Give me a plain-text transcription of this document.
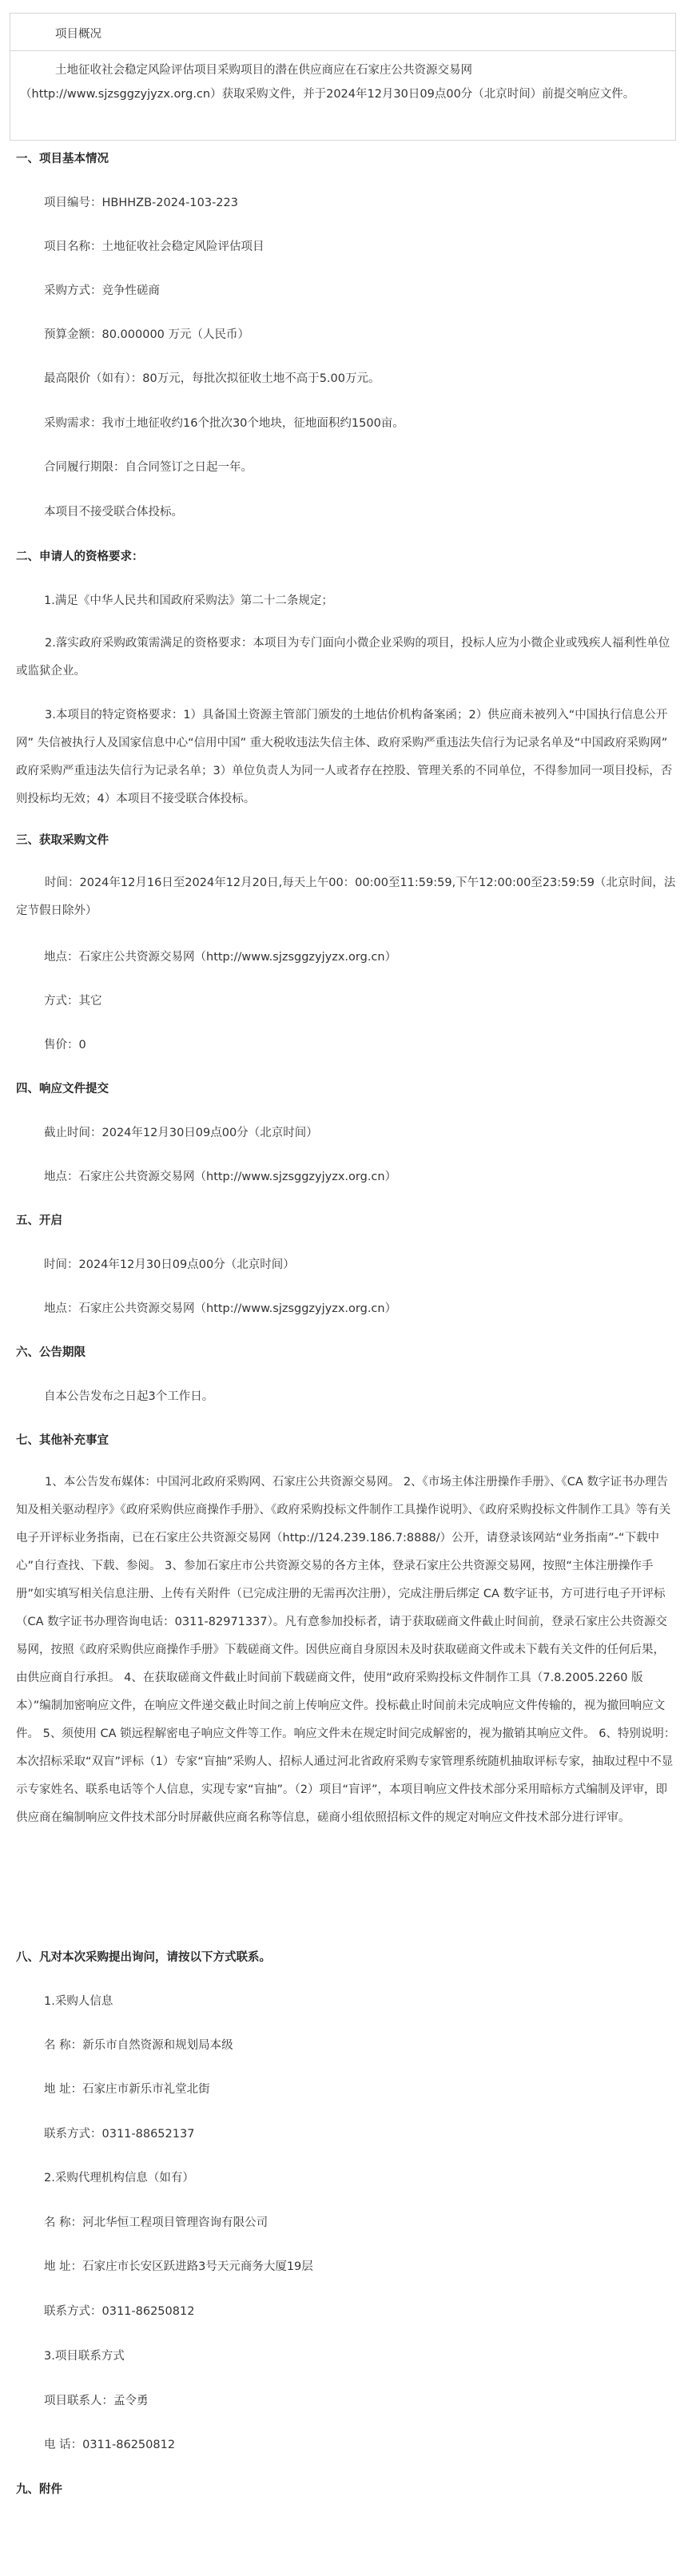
项目概况
土地征收社会稳定风险评估项目采购项目的潜在供应商应在石家庄公共资源交易网（http://www.sjzsggzyjyzx.org.cn）获取采购文件，并于2024年12月30日09点00分（北京时间）前提交响应文件。
一、项目基本情况
项目编号：HBHHZB-2024-103-223
项目名称：土地征收社会稳定风险评估项目
采购方式：竞争性磋商
预算金额：80.000000 万元（人民币）
最高限价（如有）：80万元，每批次拟征收土地不高于5.00万元。
采购需求：我市土地征收约16个批次30个地块，征地面积约1500亩。
合同履行期限：自合同签订之日起一年。
本项目不接受联合体投标。
二、申请人的资格要求：
1.满足《中华人民共和国政府采购法》第二十二条规定；
2.落实政府采购政策需满足的资格要求：本项目为专门面向小微企业采购的项目，投标人应为小微企业或残疾人福利性单位或监狱企业。
3.本项目的特定资格要求：1）具备国土资源主管部门颁发的土地估价机构备案函；2）供应商未被列入“中国执行信息公开网” 失信被执行人及国家信息中心“信用中国” 重大税收违法失信主体、政府采购严重违法失信行为记录名单及“中国政府采购网” 政府采购严重违法失信行为记录名单；3）单位负责人为同一人或者存在控股、管理关系的不同单位，不得参加同一项目投标，否则投标均无效；4）本项目不接受联合体投标。
三、获取采购文件
时间：2024年12月16日至2024年12月20日,每天上午00：00:00至11:59:59,下午12:00:00至23:59:59（北京时间，法定节假日除外）
地点：石家庄公共资源交易网（http://www.sjzsggzyjyzx.org.cn）
方式：其它
售价：0
四、响应文件提交
截止时间：2024年12月30日09点00分（北京时间）
地点：石家庄公共资源交易网（http://www.sjzsggzyjyzx.org.cn）
五、开启
时间：2024年12月30日09点00分（北京时间）
地点：石家庄公共资源交易网（http://www.sjzsggzyjyzx.org.cn）
六、公告期限
自本公告发布之日起3个工作日。
七、其他补充事宜
1、本公告发布媒体：中国河北政府采购网、石家庄公共资源交易网。 2、《市场主体注册操作手册》、《CA 数字证书办理告知及相关驱动程序》《政府采购供应商操作手册》、《政府采购投标文件制作工具操作说明》、《政府采购投标文件制作工具》等有关电子开评标业务指南，已在石家庄公共资源交易网（http://124.239.186.7:8888/）公开，请登录该网站“业务指南”-“下载中心”自行查找、下载、参阅。 3、参加石家庄市公共资源交易的各方主体，登录石家庄公共资源交易网，按照“主体注册操作手册”如实填写相关信息注册、上传有关附件（已完成注册的无需再次注册），完成注册后绑定 CA 数字证书，方可进行电子开评标（CA 数字证书办理咨询电话：0311-82971337）。凡有意参加投标者，请于获取磋商文件截止时间前，登录石家庄公共资源交易网，按照《政府采购供应商操作手册》下载磋商文件。因供应商自身原因未及时获取磋商文件或未下载有关文件的任何后果，由供应商自行承担。 4、在获取磋商文件截止时间前下载磋商文件，使用“政府采购投标文件制作工具（7.8.2005.2260 版本）”编制加密响应文件，在响应文件递交截止时间之前上传响应文件。投标截止时间前未完成响应文件传输的，视为撤回响应文件。 5、须使用 CA 锁远程解密电子响应文件等工作。响应文件未在规定时间完成解密的，视为撤销其响应文件。 6、特别说明：本次招标采取“双盲”评标（1）专家“盲抽”采购人、招标人通过河北省政府采购专家管理系统随机抽取评标专家，抽取过程中不显示专家姓名、联系电话等个人信息，实现专家“盲抽”。（2）项目“盲评”，本项目响应文件技术部分采用暗标方式编制及评审，即供应商在编制响应文件技术部分时屏蔽供应商名称等信息，磋商小组依照招标文件的规定对响应文件技术部分进行评审。
八、凡对本次采购提出询问，请按以下方式联系。
1.采购人信息
名 称：新乐市自然资源和规划局本级
地 址：石家庄市新乐市礼堂北街
联系方式：0311-88652137
2.采购代理机构信息（如有）
名 称：河北华恒工程项目管理咨询有限公司
地 址：石家庄市长安区跃进路3号天元商务大厦19层
联系方式：0311-86250812
3.项目联系方式
项目联系人：孟令勇
电 话：0311-86250812
九、附件
